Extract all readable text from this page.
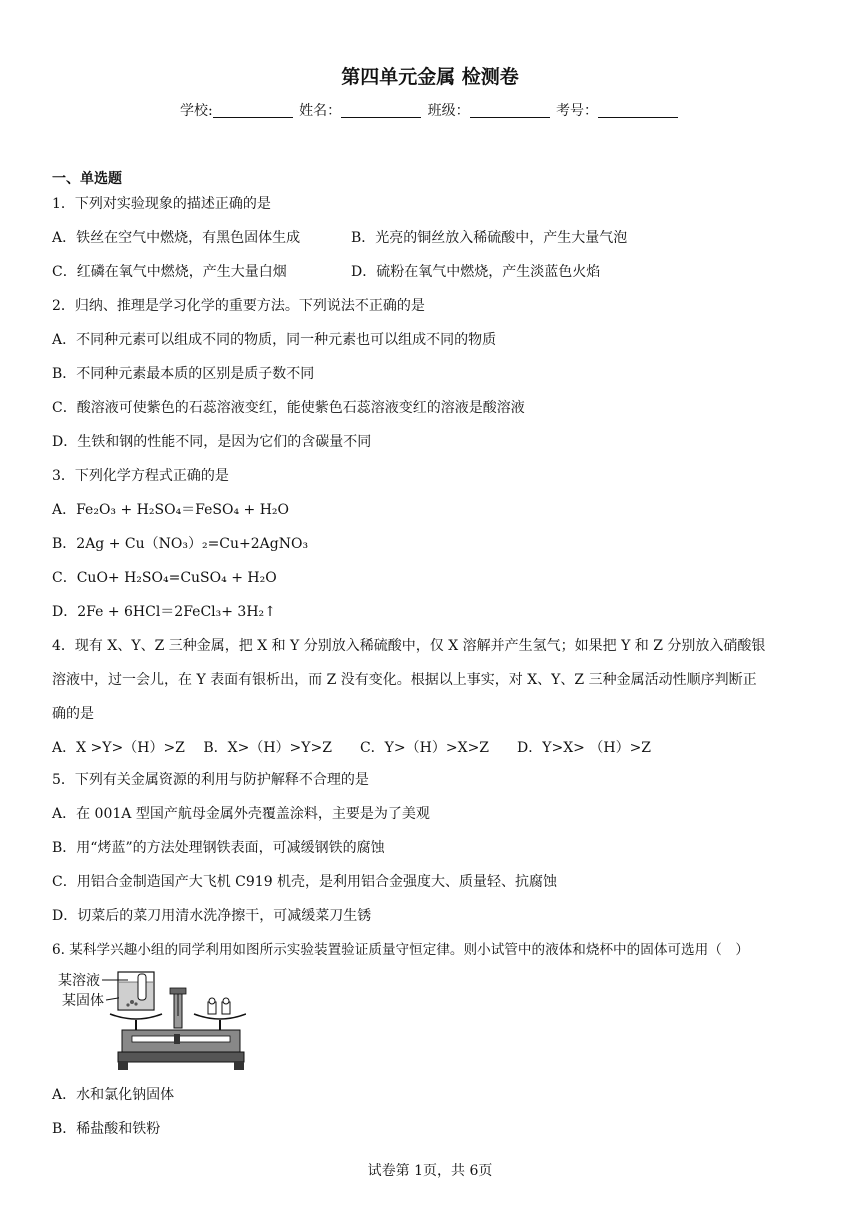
第四单元金属 检测卷
学校:	姓名：	班级：	考号：
一、单选题
1．下列对实验现象的描述正确的是
A．铁丝在空气中燃烧，有黑色固体生成	B．光亮的铜丝放入稀硫酸中，产生大量气泡
C．红磷在氧气中燃烧，产生大量白烟	D．硫粉在氧气中燃烧，产生淡蓝色火焰
2．归纳、推理是学习化学的重要方法。下列说法不正确的是
A．不同种元素可以组成不同的物质，同一种元素也可以组成不同的物质
B．不同种元素最本质的区别是质子数不同
C．酸溶液可使紫色的石蕊溶液变红，能使紫色石蕊溶液变红的溶液是酸溶液
D．生铁和钢的性能不同，是因为它们的含碳量不同
3．下列化学方程式正确的是
A．Fe₂O₃ + H₂SO₄＝FeSO₄ + H₂O
B．2Ag + Cu（NO₃）₂=Cu+2AgNO₃
C．CuO+ H₂SO₄=CuSO₄ + H₂O
D．2Fe + 6HCl＝2FeCl₃+ 3H₂↑
4．现有 X、Y、Z 三种金属，把 X 和 Y 分别放入稀硫酸中，仅 X 溶解并产生氢气；如果把 Y 和 Z 分别放入硝酸银
溶液中，过一会儿，在 Y 表面有银析出，而 Z 没有变化。根据以上事实，对 X、Y、Z 三种金属活动性顺序判断正
确的是
A．X >Y>（H）>Z　 B．X>（H）>Y>Z　　C．Y>（H）>X>Z　　D．Y>X> （H）>Z
5．下列有关金属资源的利用与防护解释不合理的是
A．在 001A 型国产航母金属外壳覆盖涂料，主要是为了美观
B．用“烤蓝”的方法处理钢铁表面，可减缓钢铁的腐蚀
C．用铝合金制造国产大飞机 C919 机壳，是利用铝合金强度大、质量轻、抗腐蚀
D．切菜后的菜刀用清水洗净擦干，可减缓菜刀生锈
6. 某科学兴趣小组的同学利用如图所示实验装置验证质量守恒定律。则小试管中的液体和烧杯中的固体可选用（　）
某溶液
某固体
A．水和氯化钠固体
B．稀盐酸和铁粉
试卷第 1页，共 6页
